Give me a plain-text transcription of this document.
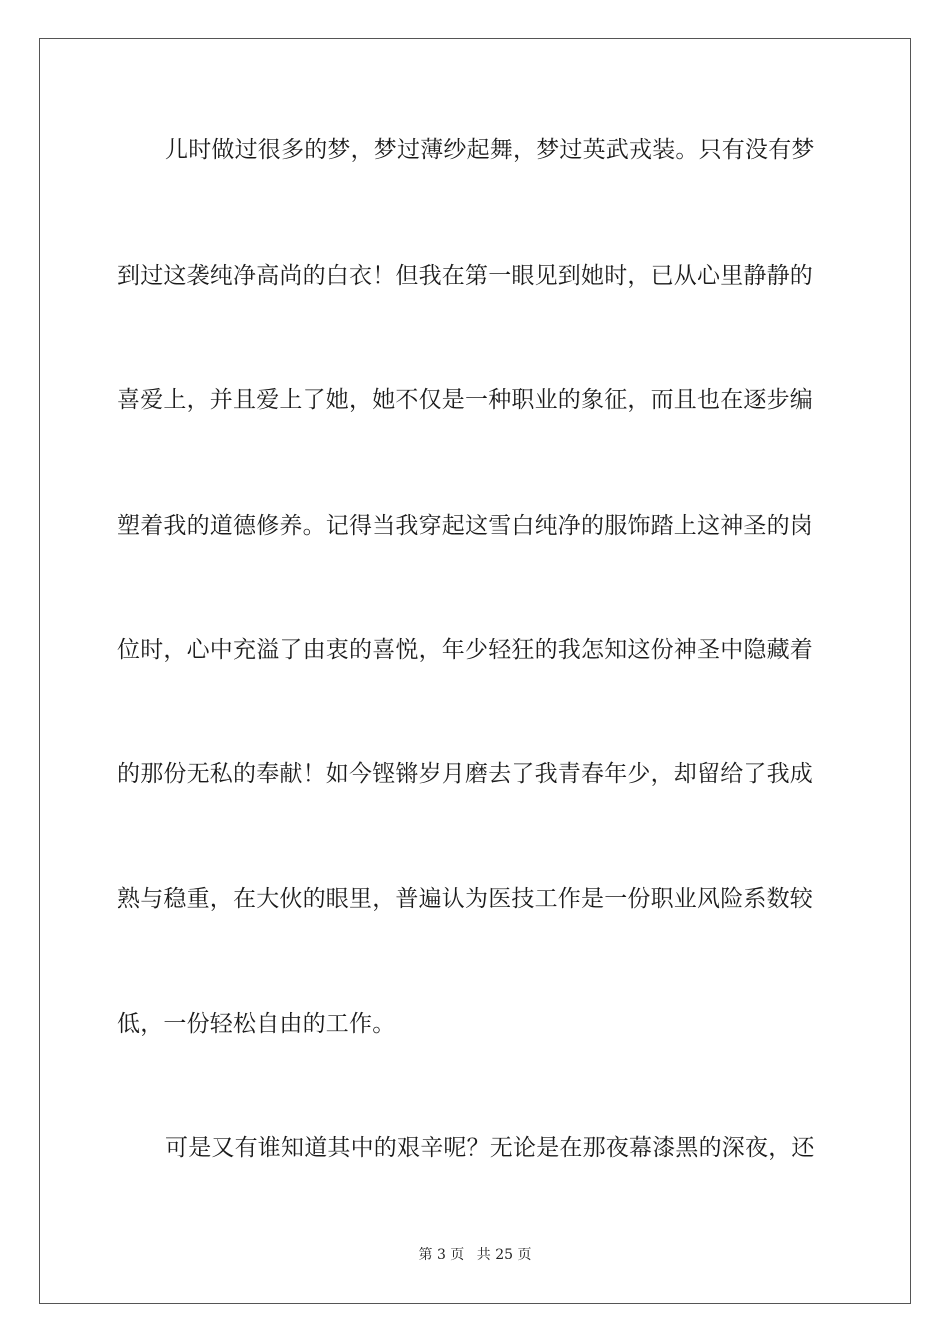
儿时做过很多的梦，梦过薄纱起舞，梦过英武戎装。只有没有梦
到过这袭纯净高尚的白衣！但我在第一眼见到她时，已从心里静静的
喜爱上，并且爱上了她，她不仅是一种职业的象征，而且也在逐步编
塑着我的道德修养。记得当我穿起这雪白纯净的服饰踏上这神圣的岗
位时，心中充溢了由衷的喜悦，年少轻狂的我怎知这份神圣中隐藏着
的那份无私的奉献！如今铿锵岁月磨去了我青春年少，却留给了我成
熟与稳重，在大伙的眼里，普遍认为医技工作是一份职业风险系数较
低，一份轻松自由的工作。
可是又有谁知道其中的艰辛呢？无论是在那夜幕漆黑的深夜，还
第 3 页 共 25 页
